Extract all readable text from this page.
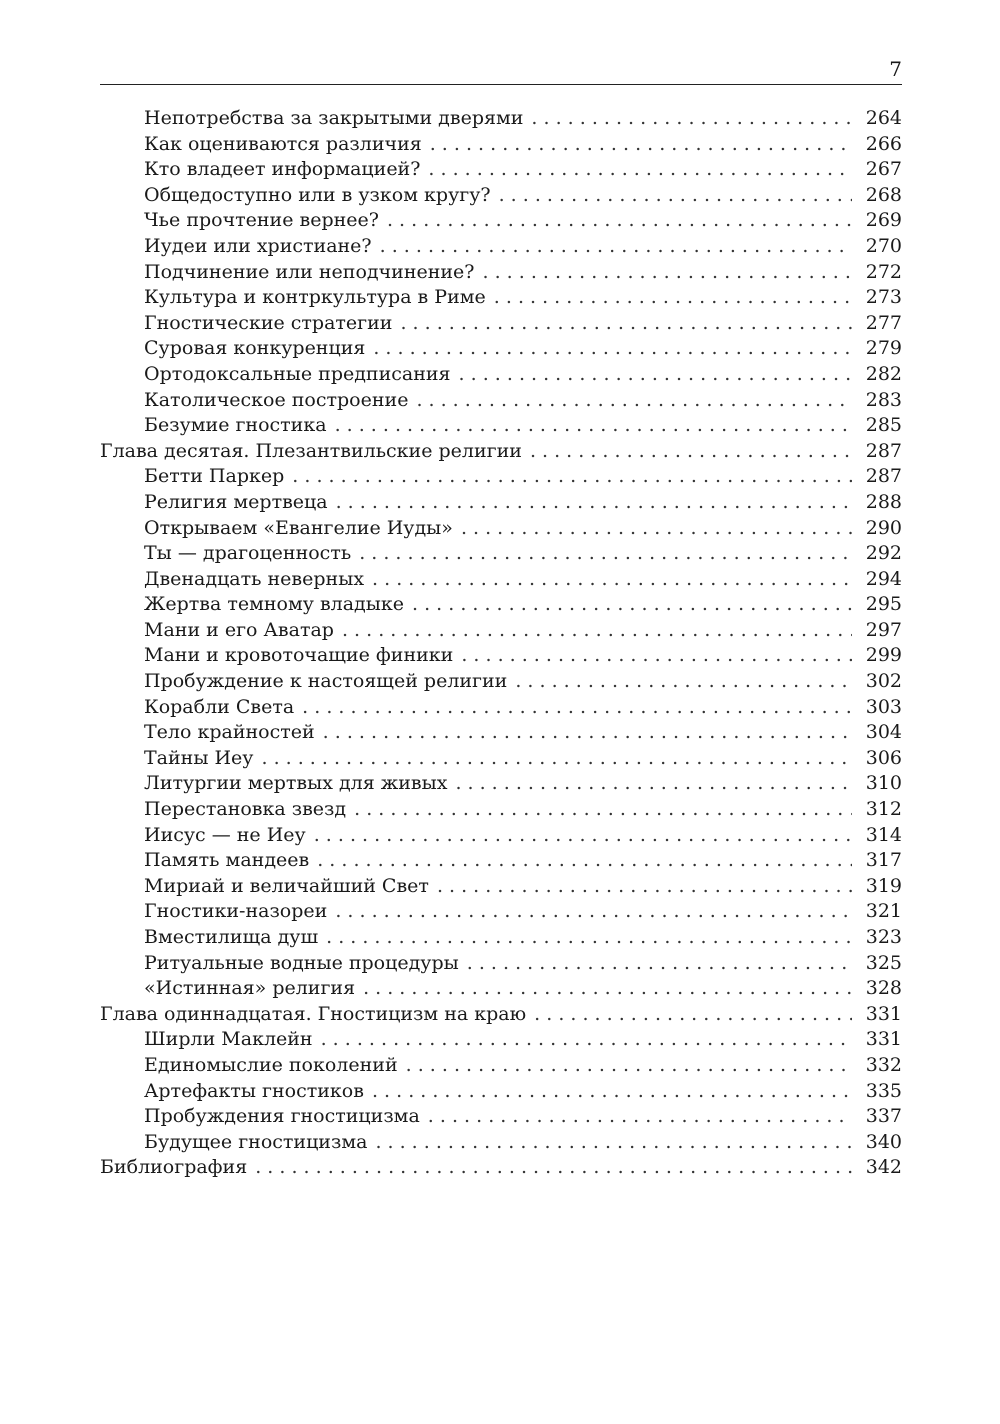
7
Непотребства за закрытыми дверями . . .	264
Как оцениваются различия . . .	266
Кто владеет информацией? . . .	267
Общедоступно или в узком кругу? . . .	268
Чье прочтение вернее? . . .	269
Иудеи или христиане? . . .	270
Подчинение или неподчинение? . . .	272
Культура и контркультура в Риме . . .	273
Гностические стратегии . . .	277
Суровая конкуренция . . .	279
Ортодоксальные предписания . . .	282
Католическое построение . . .	283
Безумие гностика . . .	285
Глава десятая. Плезантвильские религии . . .	287
Бетти Паркер . . .	287
Религия мертвеца . . .	288
Открываем «Евангелие Иуды» . . .	290
Ты — драгоценность . . .	292
Двенадцать неверных . . .	294
Жертва темному владыке . . .	295
Мани и его Аватар . . .	297
Мани и кровоточащие финики . . .	299
Пробуждение к настоящей религии . . .	302
Корабли Света . . .	303
Тело крайностей . . .	304
Тайны Иеу . . .	306
Литургии мертвых для живых . . .	310
Перестановка звезд . . .	312
Иисус — не Иеу . . .	314
Память мандеев . . .	317
Мириай и величайший Свет . . .	319
Гностики-назореи . . .	321
Вместилища душ . . .	323
Ритуальные водные процедуры . . .	325
«Истинная» религия . . .	328
Глава одиннадцатая. Гностицизм на краю . . .	331
Ширли Маклейн . . .	331
Единомыслие поколений . . .	332
Артефакты гностиков . . .	335
Пробуждения гностицизма . . .	337
Будущее гностицизма . . .	340
Библиография . . .	342
